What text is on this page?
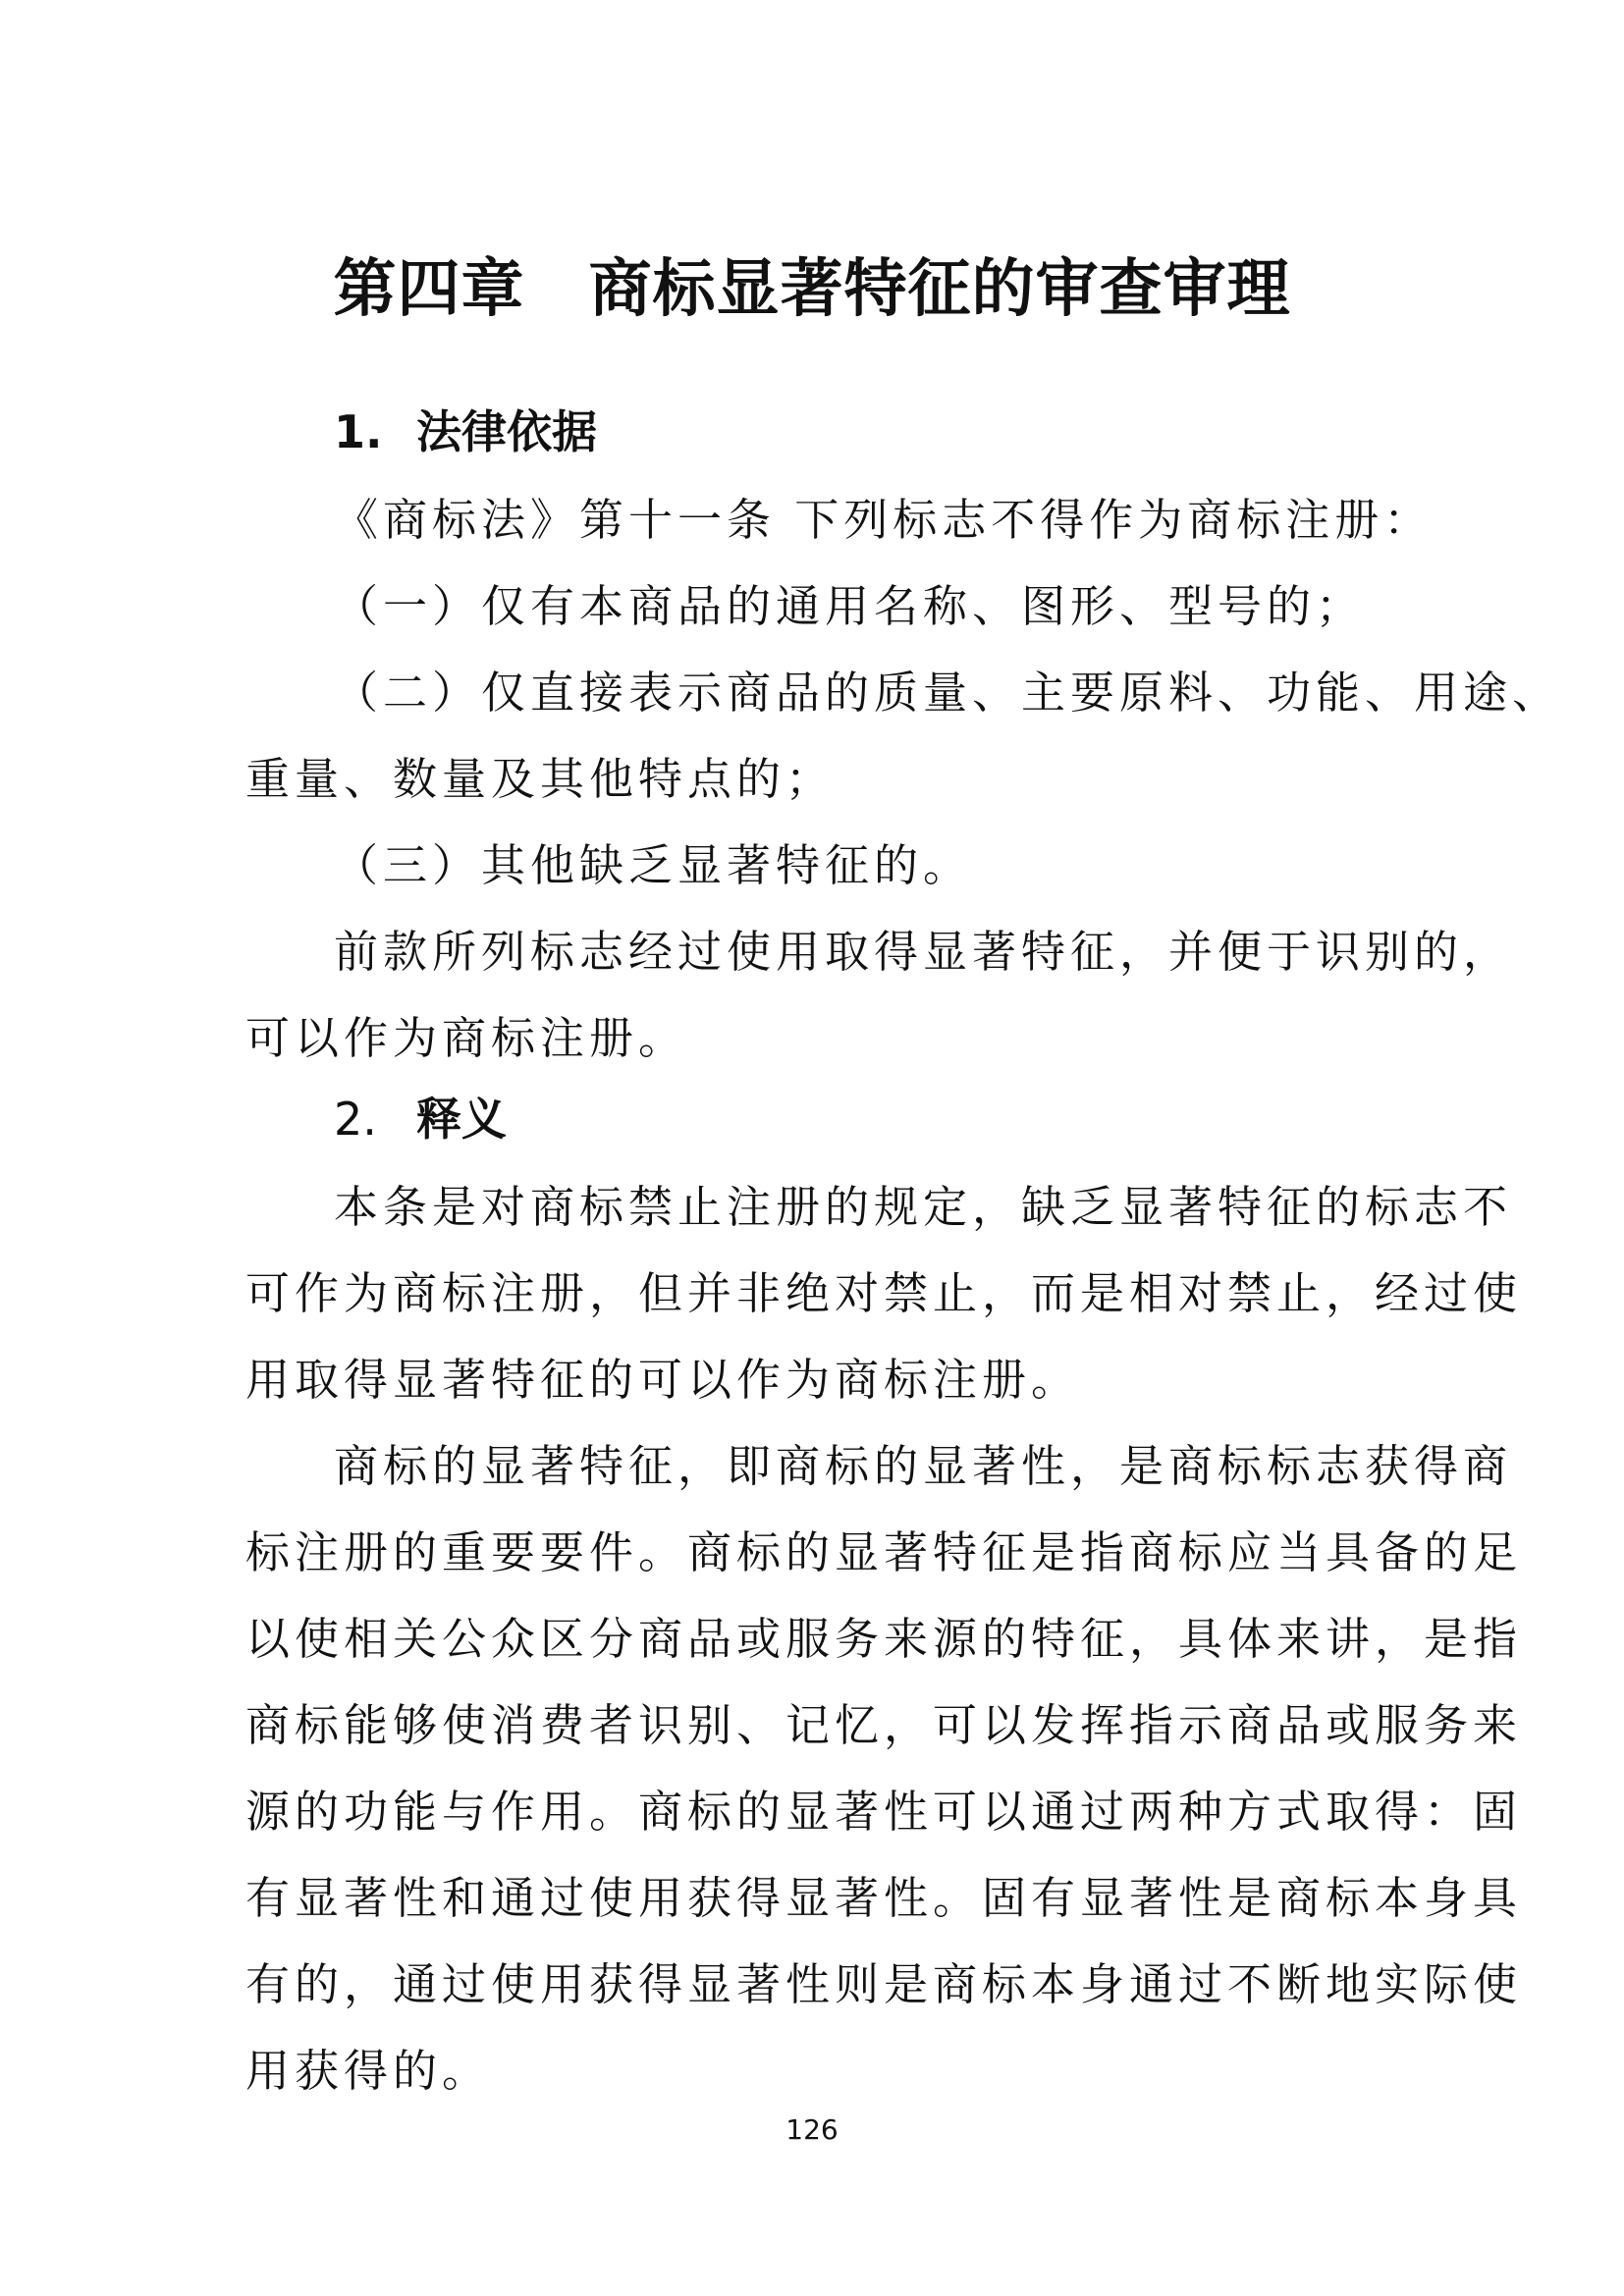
第四章　商标显著特征的审查审理
1. 法律依据
《商标法》第十一条 下列标志不得作为商标注册：
（一）仅有本商品的通用名称、图形、型号的；
（二）仅直接表示商品的质量、主要原料、功能、用途、
重量、数量及其他特点的；
（三）其他缺乏显著特征的。
前款所列标志经过使用取得显著特征，并便于识别的，
可以作为商标注册。
2. 释义
本条是对商标禁止注册的规定，缺乏显著特征的标志不
可作为商标注册，但并非绝对禁止，而是相对禁止，经过使
用取得显著特征的可以作为商标注册。
商标的显著特征，即商标的显著性，是商标标志获得商
标注册的重要要件。商标的显著特征是指商标应当具备的足
以使相关公众区分商品或服务来源的特征，具体来讲，是指
商标能够使消费者识别、记忆，可以发挥指示商品或服务来
源的功能与作用。商标的显著性可以通过两种方式取得：固
有显著性和通过使用获得显著性。固有显著性是商标本身具
有的，通过使用获得显著性则是商标本身通过不断地实际使
用获得的。
126
